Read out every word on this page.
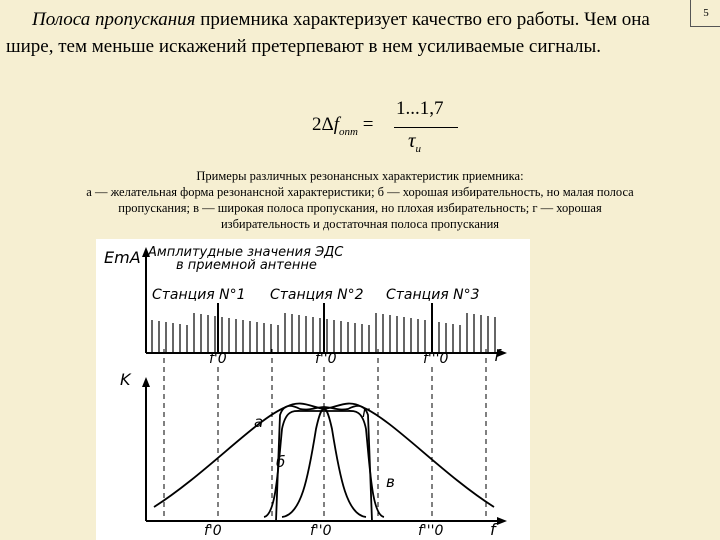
5
Полоса пропускания приемника характеризует качество его работы. Чем она шире, тем меньше искажений претерпевают в нем усиливаемые сигналы.
$2\Delta f_{опт}$ =
1...1,7
$\tau_и$
Примеры различных резонансных характеристик приемника:
а — желательная форма резонансной характеристики; б — хорошая избирательность, но малая полоса
пропускания; в — широкая полоса пропускания, но плохая избирательность; г — хорошая
избирательность и достаточная полоса пропускания
EmA Амплитудные значения ЭДС
в приемной антенне
Станция N°1 Станция N°2 Станция N°3
f
f'0	f''0	f'''0
K
f
а
б
в
г
f'0	f''0	f'''0
